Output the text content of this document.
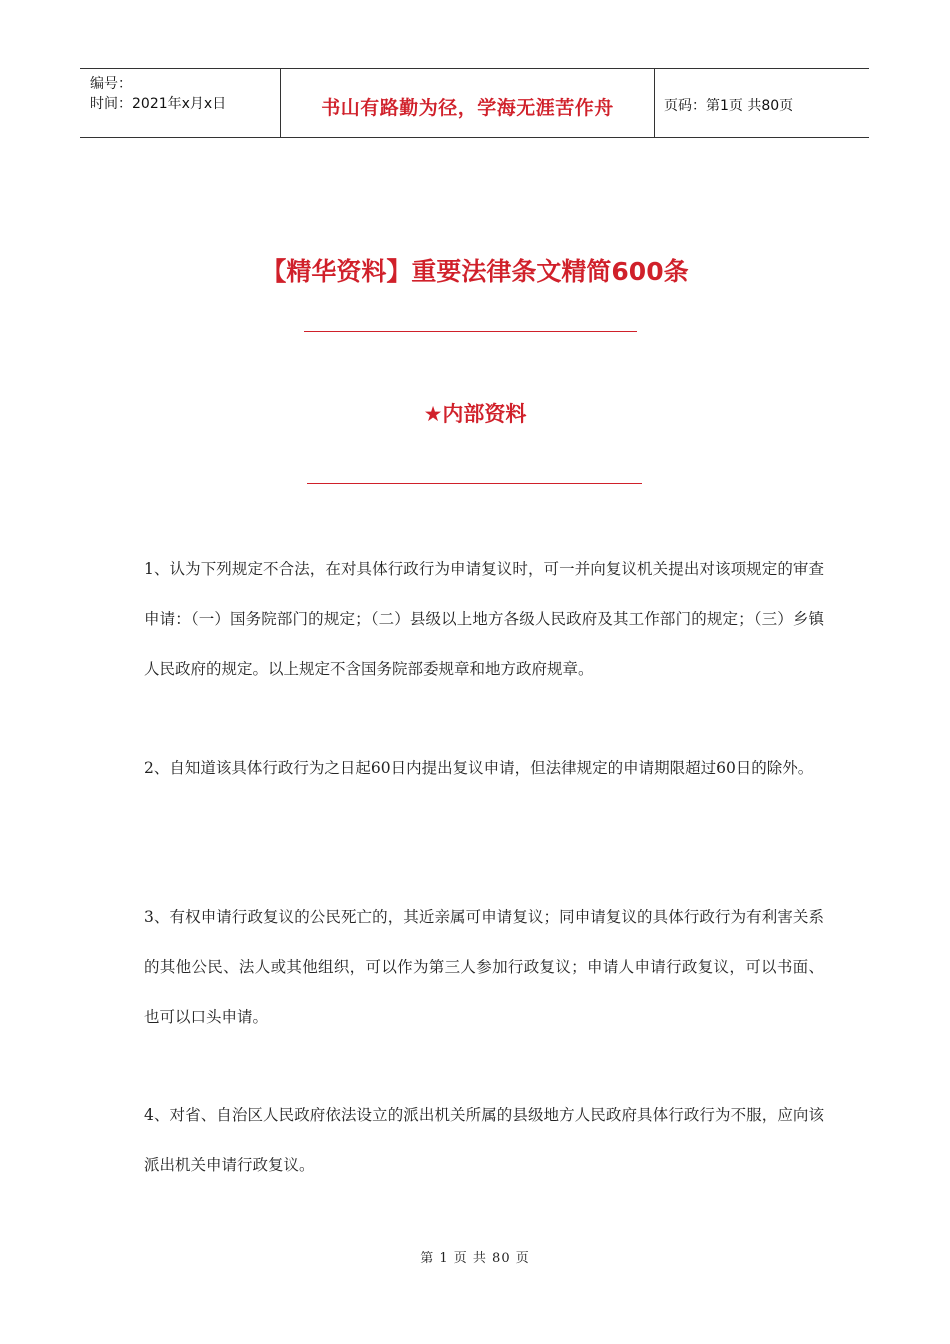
编号：
时间：2021年x月x日	书山有路勤为径，学海无涯苦作舟	页码：第1页 共80页
【精华资料】重要法律条文精简600条
★内部资料

1、认为下列规定不合法，在对具体行政行为申请复议时，可一并向复议机关提出对该项规定的审查申请：（一）国务院部门的规定；（二）县级以上地方各级人民政府及其工作部门的规定；（三）乡镇人民政府的规定。以上规定不含国务院部委规章和地方政府规章。

2、自知道该具体行政行为之日起60日内提出复议申请，但法律规定的申请期限超过60日的除外。

3、有权申请行政复议的公民死亡的，其近亲属可申请复议；同申请复议的具体行政行为有利害关系的其他公民、法人或其他组织，可以作为第三人参加行政复议；申请人申请行政复议，可以书面、也可以口头申请。

4、对省、自治区人民政府依法设立的派出机关所属的县级地方人民政府具体行政行为不服，应向该派出机关申请行政复议。

第 1 页 共 80 页
